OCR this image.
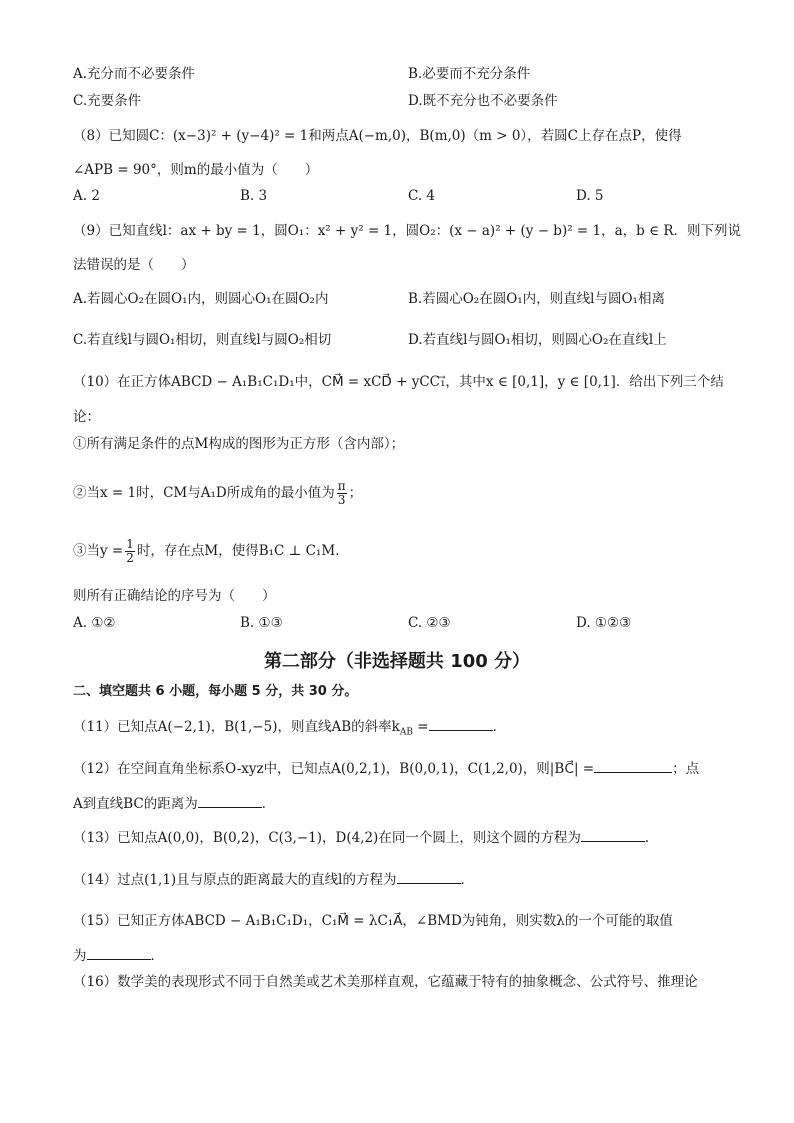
A.充分而不必要条件	B.必要而不充分条件
C.充要条件	D.既不充分也不必要条件
（8）已知圆C：(x−3)² + (y−4)² = 1和两点A(−m,0)，B(m,0)（m > 0），若圆C上存在点P，使得
∠APB = 90°，则m的最小值为（　　）
A. 2	B. 3	C. 4	D. 5
（9）已知直线l：ax + by = 1，圆O₁：x² + y² = 1，圆O₂：(x − a)² + (y − b)² = 1，a，b ∈ R．则下列说
法错误的是（　　）
A.若圆心O₂在圆O₁内，则圆心O₁在圆O₂内	B.若圆心O₂在圆O₁内，则直线l与圆O₁相离
C.若直线l与圆O₁相切，则直线l与圆O₂相切	D.若直线l与圆O₁相切，则圆心O₂在直线l上
（10）在正方体ABCD − A₁B₁C₁D₁中，CM⃗ = xCD⃗ + yCC₁⃗，其中x ∈ [0,1]，y ∈ [0,1]．给出下列三个结
论：
①所有满足条件的点M构成的图形为正方形（含内部）；
②当x = 1时，CM与A₁D所成角的最小值为 $\frac{\pi}{3}$ ；
③当$y = \frac{1}{2}$ 时，存在点M，使得B₁C ⊥ C₁M．
则所有正确结论的序号为（　　）
A. ①②	B. ①③	C. ②③	D. ①②③
第二部分（非选择题共 100 分）
二、填空题共 6 小题，每小题 5 分，共 30 分。
（11）已知点A(−2,1)，B(1,−5)，则直线AB的斜率$k_{AB}$ =	．
（12）在空间直角坐标系O-xyz中，已知点A(0,2,1)，B(0,0,1)，C(1,2,0)，则|BC⃗| =	；点
A到直线BC的距离为	．
（13）已知点A(0,0)，B(0,2)，C(3,−1)，D(4,2)在同一个圆上，则这个圆的方程为	．
（14）过点(1,1)且与原点的距离最大的直线l的方程为	．
（15）已知正方体ABCD − A₁B₁C₁D₁，C₁M⃗ = λC₁A⃗，∠BMD为钝角，则实数λ的一个可能的取值
为	．
（16）数学美的表现形式不同于自然美或艺术美那样直观，它蕴藏于特有的抽象概念、公式符号、推理论
